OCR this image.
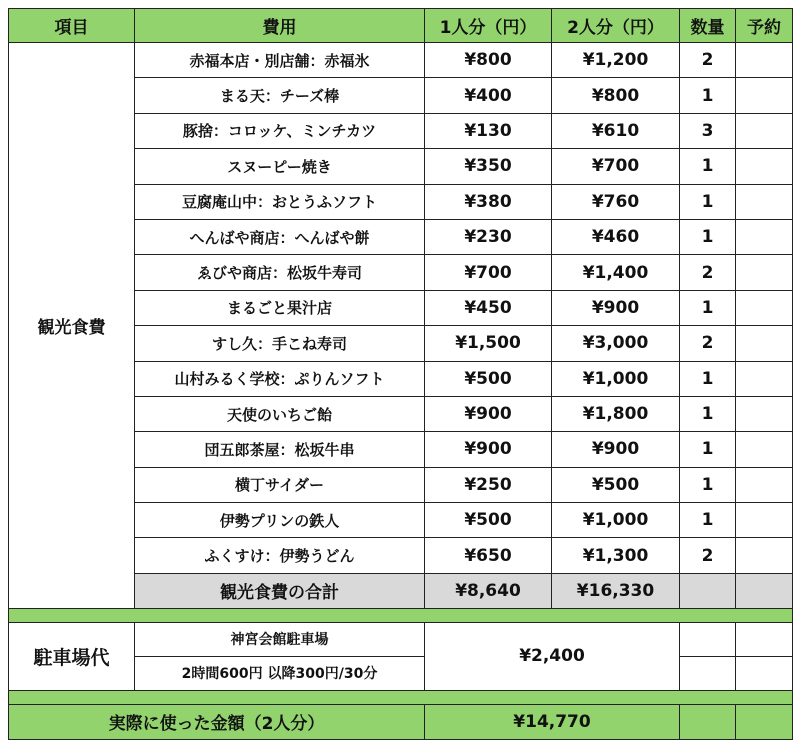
項目	費用	1人分（円）	2人分（円）	数量	予約
観光食費	赤福本店・別店舗：赤福氷	¥800	¥1,200	2	
	まる天：チーズ棒	¥400	¥800	1	
	豚捨：コロッケ、ミンチカツ	¥130	¥610	3	
	スヌーピー焼き	¥350	¥700	1	
	豆腐庵山中：おとうふソフト	¥380	¥760	1	
	へんばや商店：へんばや餅	¥230	¥460	1	
	ゑびや商店：松坂牛寿司	¥700	¥1,400	2	
	まるごと果汁店	¥450	¥900	1	
	すし久：手こね寿司	¥1,500	¥3,000	2	
	山村みるく学校：ぷりんソフト	¥500	¥1,000	1	
	天使のいちご飴	¥900	¥1,800	1	
	団五郎茶屋：松坂牛串	¥900	¥900	1	
	横丁サイダー	¥250	¥500	1	
	伊勢プリンの鉄人	¥500	¥1,000	1	
	ふくすけ：伊勢うどん	¥650	¥1,300	2	
	観光食費の合計	¥8,640	¥16,330		

駐車場代	神宮会館駐車場	¥2,400			
	2時間600円 以降300円/30分				

実際に使った金額（2人分）		¥14,770			
